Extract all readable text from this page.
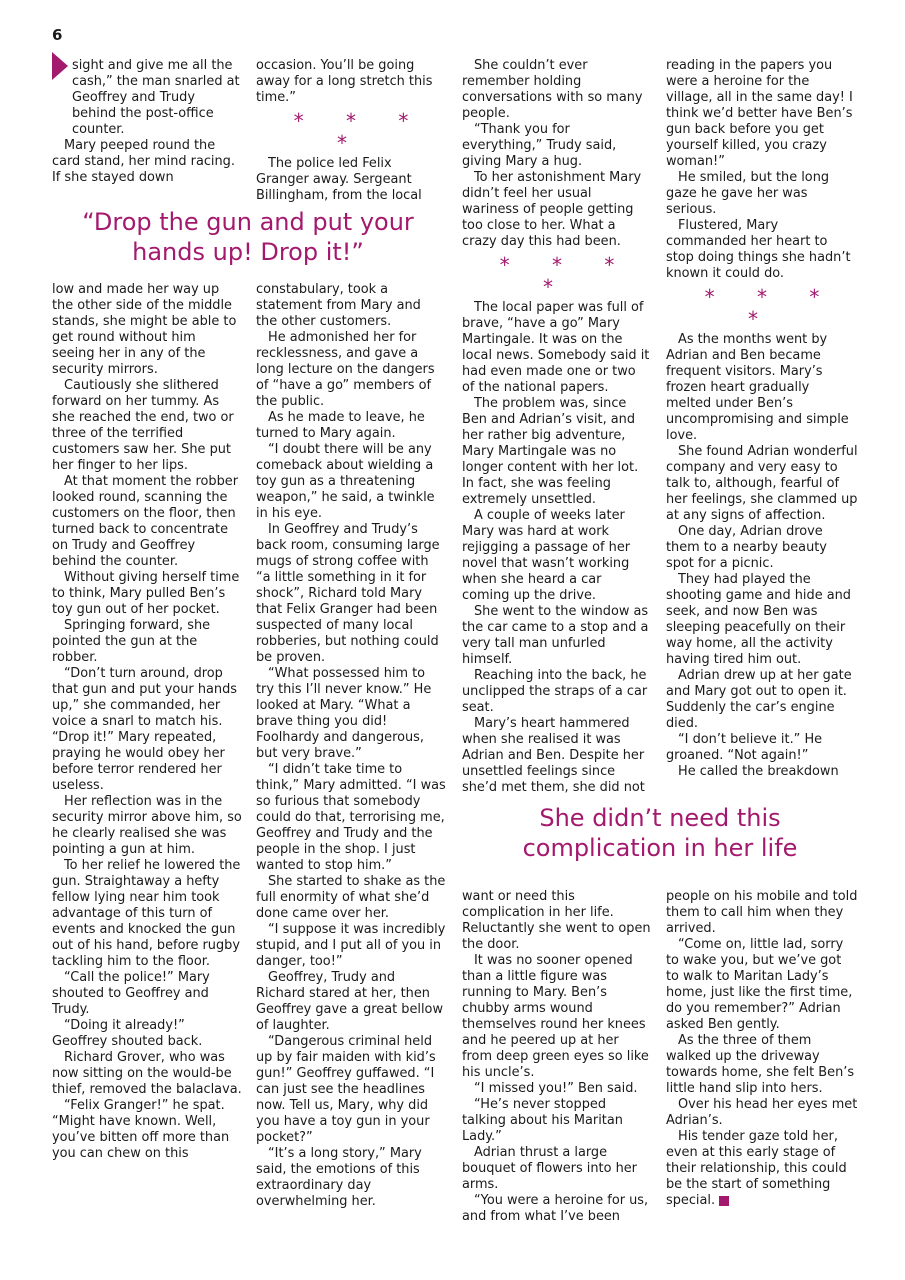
6

sight and give me all the cash,” the man snarled at Geoffrey and Trudy behind the post-office counter.

Mary peeped round the card stand, her mind racing. If she stayed down

occasion. You’ll be going away for a long stretch this time.”

* * * *

The police led Felix Granger away. Sergeant Billingham, from the local

“Drop the gun and put your hands up! Drop it!”

low and made her way up the other side of the middle stands, she might be able to get round without him seeing her in any of the security mirrors.

Cautiously she slithered forward on her tummy. As she reached the end, two or three of the terrified customers saw her. She put her finger to her lips.

At that moment the robber looked round, scanning the customers on the floor, then turned back to concentrate on Trudy and Geoffrey behind the counter.

Without giving herself time to think, Mary pulled Ben’s toy gun out of her pocket.

Springing forward, she pointed the gun at the robber.

“Don’t turn around, drop that gun and put your hands up,” she commanded, her voice a snarl to match his. “Drop it!” Mary repeated, praying he would obey her before terror rendered her useless.

Her reflection was in the security mirror above him, so he clearly realised she was pointing a gun at him.

To her relief he lowered the gun. Straightaway a hefty fellow lying near him took advantage of this turn of events and knocked the gun out of his hand, before rugby tackling him to the floor.

“Call the police!” Mary shouted to Geoffrey and Trudy.

“Doing it already!” Geoffrey shouted back.

Richard Grover, who was now sitting on the would-be thief, removed the balaclava.

“Felix Granger!” he spat. “Might have known. Well, you’ve bitten off more than you can chew on this

constabulary, took a statement from Mary and the other customers.

He admonished her for recklessness, and gave a long lecture on the dangers of “have a go” members of the public.

As he made to leave, he turned to Mary again.

“I doubt there will be any comeback about wielding a toy gun as a threatening weapon,” he said, a twinkle in his eye.

In Geoffrey and Trudy’s back room, consuming large mugs of strong coffee with “a little something in it for shock”, Richard told Mary that Felix Granger had been suspected of many local robberies, but nothing could be proven.

“What possessed him to try this I’ll never know.” He looked at Mary. “What a brave thing you did! Foolhardy and dangerous, but very brave.”

“I didn’t take time to think,” Mary admitted. “I was so furious that somebody could do that, terrorising me, Geoffrey and Trudy and the people in the shop. I just wanted to stop him.”

She started to shake as the full enormity of what she’d done came over her.

“I suppose it was incredibly stupid, and I put all of you in danger, too!”

Geoffrey, Trudy and Richard stared at her, then Geoffrey gave a great bellow of laughter.

“Dangerous criminal held up by fair maiden with kid’s gun!” Geoffrey guffawed. “I can just see the headlines now. Tell us, Mary, why did you have a toy gun in your pocket?”

“It’s a long story,” Mary said, the emotions of this extraordinary day overwhelming her.

She couldn’t ever remember holding conversations with so many people.

“Thank you for everything,” Trudy said, giving Mary a hug.

To her astonishment Mary didn’t feel her usual wariness of people getting too close to her. What a crazy day this had been.

* * * *

The local paper was full of brave, “have a go” Mary Martingale. It was on the local news. Somebody said it had even made one or two of the national papers.

The problem was, since Ben and Adrian’s visit, and her rather big adventure, Mary Martingale was no longer content with her lot. In fact, she was feeling extremely unsettled.

A couple of weeks later Mary was hard at work rejigging a passage of her novel that wasn’t working when she heard a car coming up the drive.

She went to the window as the car came to a stop and a very tall man unfurled himself.

Reaching into the back, he unclipped the straps of a car seat.

Mary’s heart hammered when she realised it was Adrian and Ben. Despite her unsettled feelings since she’d met them, she did not

reading in the papers you were a heroine for the village, all in the same day! I think we’d better have Ben’s gun back before you get yourself killed, you crazy woman!”

He smiled, but the long gaze he gave her was serious.

Flustered, Mary commanded her heart to stop doing things she hadn’t known it could do.

* * * *

As the months went by Adrian and Ben became frequent visitors. Mary’s frozen heart gradually melted under Ben’s uncompromising and simple love.

She found Adrian wonderful company and very easy to talk to, although, fearful of her feelings, she clammed up at any signs of affection.

One day, Adrian drove them to a nearby beauty spot for a picnic.

They had played the shooting game and hide and seek, and now Ben was sleeping peacefully on their way home, all the activity having tired him out.

Adrian drew up at her gate and Mary got out to open it. Suddenly the car’s engine died.

“I don’t believe it.” He groaned. “Not again!”

He called the breakdown

She didn’t need this complication in her life

want or need this complication in her life. Reluctantly she went to open the door.

It was no sooner opened than a little figure was running to Mary. Ben’s chubby arms wound themselves round her knees and he peered up at her from deep green eyes so like his uncle’s.

“I missed you!” Ben said.

“He’s never stopped talking about his Maritan Lady.”

Adrian thrust a large bouquet of flowers into her arms.

“You were a heroine for us, and from what I’ve been

people on his mobile and told them to call him when they arrived.

“Come on, little lad, sorry to wake you, but we’ve got to walk to Maritan Lady’s home, just like the first time, do you remember?” Adrian asked Ben gently.

As the three of them walked up the driveway towards home, she felt Ben’s little hand slip into hers.

Over his head her eyes met Adrian’s.

His tender gaze told her, even at this early stage of their relationship, this could be the start of something special.
